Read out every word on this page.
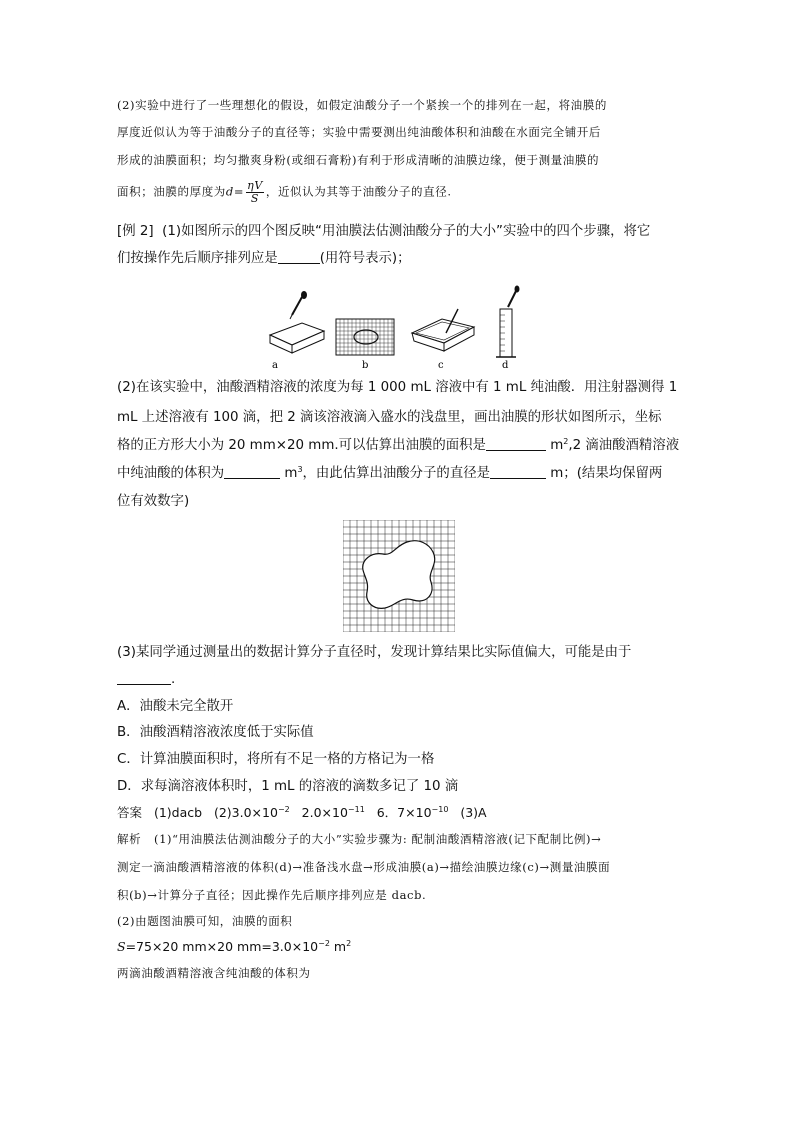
(2)实验中进行了一些理想化的假设，如假定油酸分子一个紧挨一个的排列在一起，将油膜的
厚度近似认为等于油酸分子的直径等；实验中需要测出纯油酸体积和油酸在水面完全铺开后
形成的油膜面积；均匀撒爽身粉(或细石膏粉)有利于形成清晰的油膜边缘，便于测量油膜的
面积；油膜的厚度为$d= \frac{\eta V}{S}$ ，近似认为其等于油酸分子的直径.
[例 2] (1)如图所示的四个图反映“用油膜法估测油酸分子的大小”实验中的四个步骤，将它
们按操作先后顺序排列应是	(用符号表示)；
a	b	c	d
(2)在该实验中，油酸酒精溶液的浓度为每 1 000 mL 溶液中有 1 mL 纯油酸．用注射器测得 1
mL 上述溶液有 100 滴，把 2 滴该溶液滴入盛水的浅盘里，画出油膜的形状如图所示，坐标
格的正方形大小为 20 mm×20 mm.可以估算出油膜的面积是	$m^2,2$ 滴油酸酒精溶液
中纯油酸的体积为	$m^3$，由此估算出油酸分子的直径是	m；(结果均保留两
位有效数字)
(3)某同学通过测量出的数据计算分子直径时，发现计算结果比实际值偏大，可能是由于
.
A．油酸未完全散开
B．油酸酒精溶液浓度低于实际值
C．计算油膜面积时，将所有不足一格的方格记为一格
D．求每滴溶液体积时，1 mL 的溶液的滴数多记了 10 滴
答案 (1)dacb $(2)3.0\times 10^{-2}$ $2.0\times 10^{-11}$ 6．$7\times 10^{-10}$ (3)A
解析 (1)“用油膜法估测油酸分子的大小”实验步骤为: 配制油酸酒精溶液(记下配制比例)→
测定一滴油酸酒精溶液的体积(d)→准备浅水盘→形成油膜(a)→描绘油膜边缘(c)→测量油膜面
积(b)→计算分子直径；因此操作先后顺序排列应是 dacb.
(2)由题图油膜可知，油膜的面积
S=75×20 mm×20 $mm=3.0\times 10^{-2}$ $m^2$
两滴油酸酒精溶液含纯油酸的体积为
